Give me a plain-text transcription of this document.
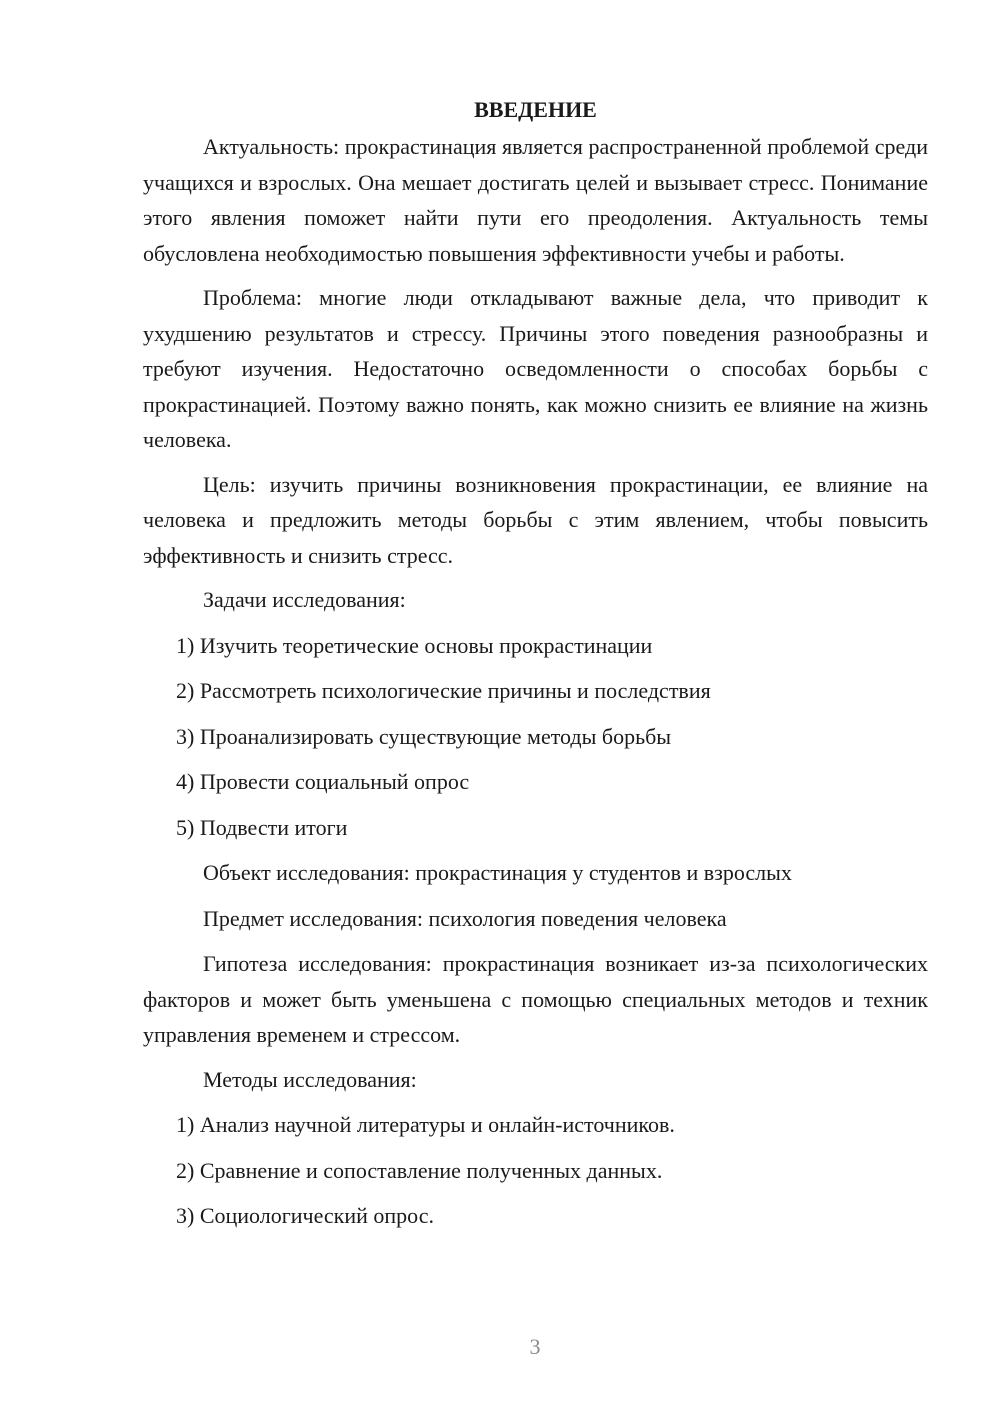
ВВЕДЕНИЕ

Актуальность: прокрастинация является распространенной проблемой среди учащихся и взрослых. Она мешает достигать целей и вызывает стресс. Понимание этого явления поможет найти пути его преодоления. Актуальность темы обусловлена необходимостью повышения эффективности учебы и работы.

Проблема: многие люди откладывают важные дела, что приводит к ухудшению результатов и стрессу. Причины этого поведения разнообразны и требуют изучения. Недостаточно осведомленности о способах борьбы с прокрастинацией. Поэтому важно понять, как можно снизить ее влияние на жизнь человека.

Цель: изучить причины возникновения прокрастинации, ее влияние на человека и предложить методы борьбы с этим явлением, чтобы повысить эффективность и снизить стресс.

Задачи исследования:
1) Изучить теоретические основы прокрастинации
2) Рассмотреть психологические причины и последствия
3) Проанализировать существующие методы борьбы
4) Провести социальный опрос
5) Подвести итоги
Объект исследования: прокрастинация у студентов и взрослых
Предмет исследования: психология поведения человека

Гипотеза исследования: прокрастинация возникает из-за психологических факторов и может быть уменьшена с помощью специальных методов и техник управления временем и стрессом.

Методы исследования:
1) Анализ научной литературы и онлайн-источников.
2) Сравнение и сопоставление полученных данных.
3) Социологический опрос.
3
